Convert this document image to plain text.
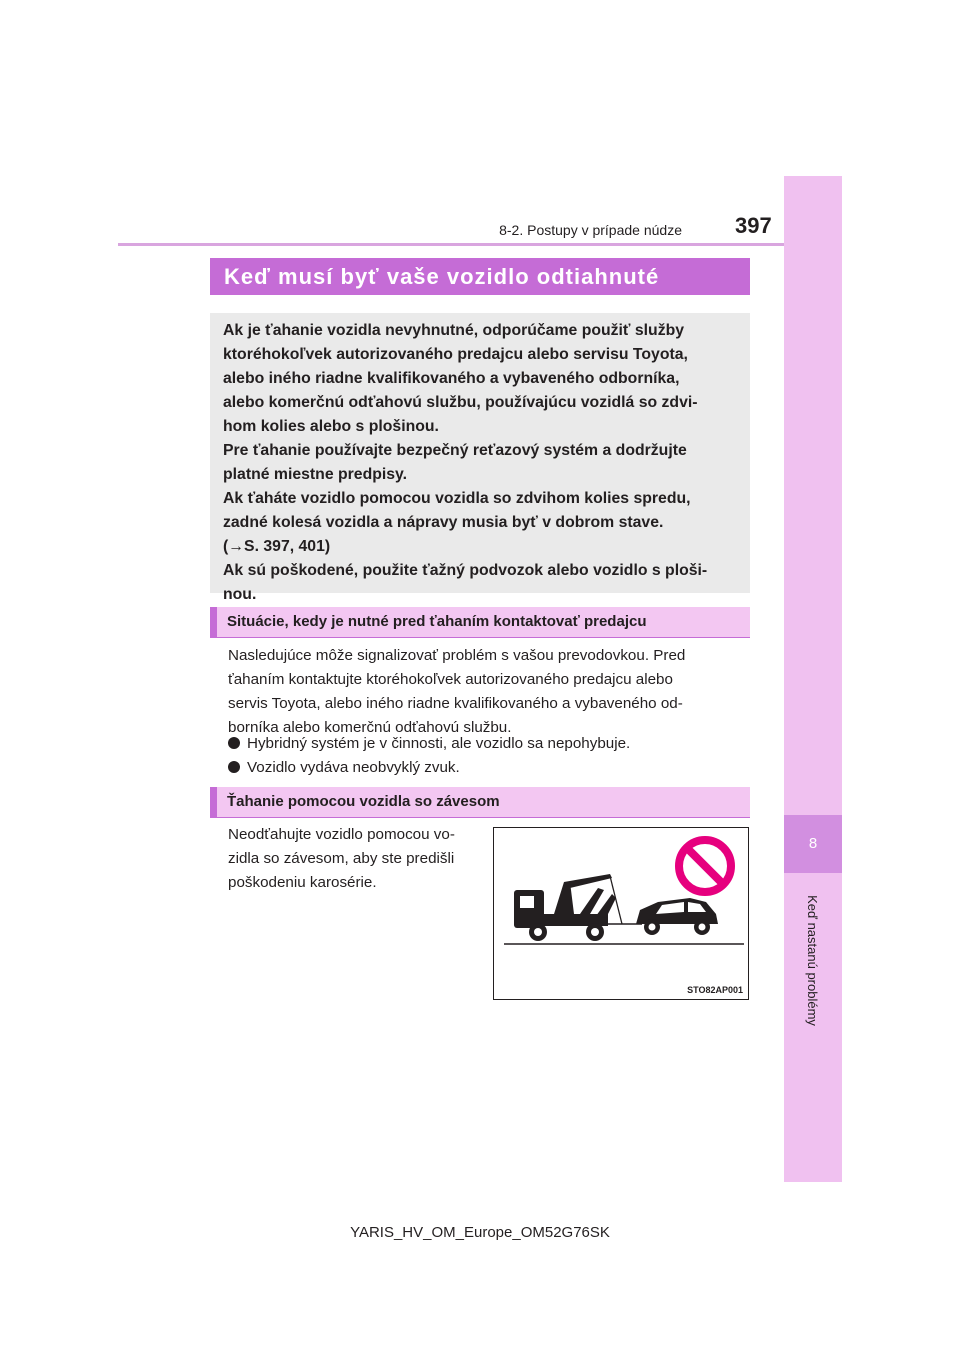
8
Keď nastanú problémy
8-2. Postupy v prípade núdze 397
Keď musí byť vaše vozidlo odtiahnuté

Ak je ťahanie vozidla nevyhnutné, odporúčame použiť služby

ktoréhokoľvek autorizovaného predajcu alebo servisu Toyota,

alebo iného riadne kvalifikovaného a vybaveného odborníka,

alebo komerčnú odťahovú službu, používajúcu vozidlá so zdvi-

hom kolies alebo s plošinou.

Pre ťahanie používajte bezpečný reťazový systém a dodržujte

platné miestne predpisy.

Ak ťaháte vozidlo pomocou vozidla so zdvihom kolies spredu,

zadné kolesá vozidla a nápravy musia byť v dobrom stave.

(→S. 397, 401)

Ak sú poškodené, použite ťažný podvozok alebo vozidlo s ploši-

nou.

Situácie, kedy je nutné pred ťahaním kontaktovať predajcu
Nasledujúce môže signalizovať problém s vašou prevodovkou. Pred
ťahaním kontaktujte ktoréhokoľvek autorizovaného predajcu alebo
servis Toyota, alebo iného riadne kvalifikovaného a vybaveného od-
borníka alebo komerčnú odťahovú službu.
Hybridný systém je v činnosti, ale vozidlo sa nepohybuje.
Vozidlo vydáva neobvyklý zvuk.
Ťahanie pomocou vozidla so závesom
Neodťahujte vozidlo pomocou vo-
zidla so závesom, aby ste predišli
poškodeniu karosérie.
STO82AP001
YARIS_HV_OM_Europe_OM52G76SK
